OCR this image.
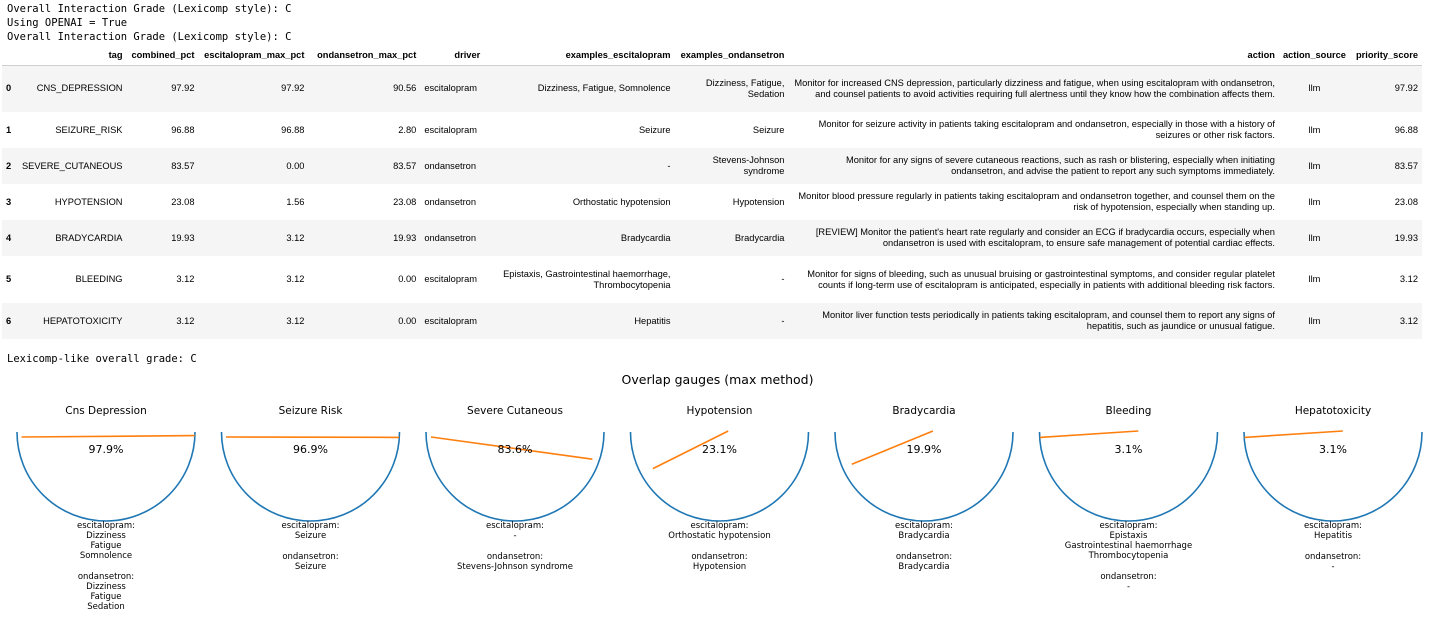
Overall Interaction Grade (Lexicomp style): C
Using OPENAI = True
Overall Interaction Grade (Lexicomp style): C
	tag	combined_pct	escitalopram_max_pct	ondansetron_max_pct	driver	examples_escitalopram	examples_ondansetron	action	action_source	priority_score
0	CNS_DEPRESSION	97.92	97.92	90.56	escitalopram	Dizziness, Fatigue, Somnolence	Dizziness, Fatigue, Sedation	Monitor for increased CNS depression, particularly dizziness and fatigue, when using escitalopram with ondansetron, and counsel patients to avoid activities requiring full alertness until they know how the combination affects them.	llm	97.92
1	SEIZURE_RISK	96.88	96.88	2.80	escitalopram	Seizure	Seizure	Monitor for seizure activity in patients taking escitalopram and ondansetron, especially in those with a history of seizures or other risk factors.	llm	96.88
2	SEVERE_CUTANEOUS	83.57	0.00	83.57	ondansetron	-	Stevens-Johnson syndrome	Monitor for any signs of severe cutaneous reactions, such as rash or blistering, especially when initiating ondansetron, and advise the patient to report any such symptoms immediately.	llm	83.57
3	HYPOTENSION	23.08	1.56	23.08	ondansetron	Orthostatic hypotension	Hypotension	Monitor blood pressure regularly in patients taking escitalopram and ondansetron together, and counsel them on the risk of hypotension, especially when standing up.	llm	23.08
4	BRADYCARDIA	19.93	3.12	19.93	ondansetron	Bradycardia	Bradycardia	[REVIEW] Monitor the patient's heart rate regularly and consider an ECG if bradycardia occurs, especially when ondansetron is used with escitalopram, to ensure safe management of potential cardiac effects.	llm	19.93
5	BLEEDING	3.12	3.12	0.00	escitalopram	Epistaxis, Gastrointestinal haemorrhage, Thrombocytopenia	-	Monitor for signs of bleeding, such as unusual bruising or gastrointestinal symptoms, and consider regular platelet counts if long-term use of escitalopram is anticipated, especially in patients with additional bleeding risk factors.	llm	3.12
6	HEPATOTOXICITY	3.12	3.12	0.00	escitalopram	Hepatitis	-	Monitor liver function tests periodically in patients taking escitalopram, and counsel them to report any signs of hepatitis, such as jaundice or unusual fatigue.	llm	3.12
Lexicomp-like overall grade: C
Overlap gauges (max method)
Cns Depression
97.9%
escitalopram:
Dizziness
Fatigue
Somnolence
ondansetron:
Dizziness
Fatigue
Sedation
Seizure Risk
96.9%
escitalopram:
Seizure
ondansetron:
Seizure
Severe Cutaneous
83.6%
escitalopram:
-
ondansetron:
Stevens-Johnson syndrome
Hypotension
23.1%
escitalopram:
Orthostatic hypotension
ondansetron:
Hypotension
Bradycardia
19.9%
escitalopram:
Bradycardia
ondansetron:
Bradycardia
Bleeding
3.1%
escitalopram:
Epistaxis
Gastrointestinal haemorrhage
Thrombocytopenia
ondansetron:
-
Hepatotoxicity
3.1%
escitalopram:
Hepatitis
ondansetron:
-
